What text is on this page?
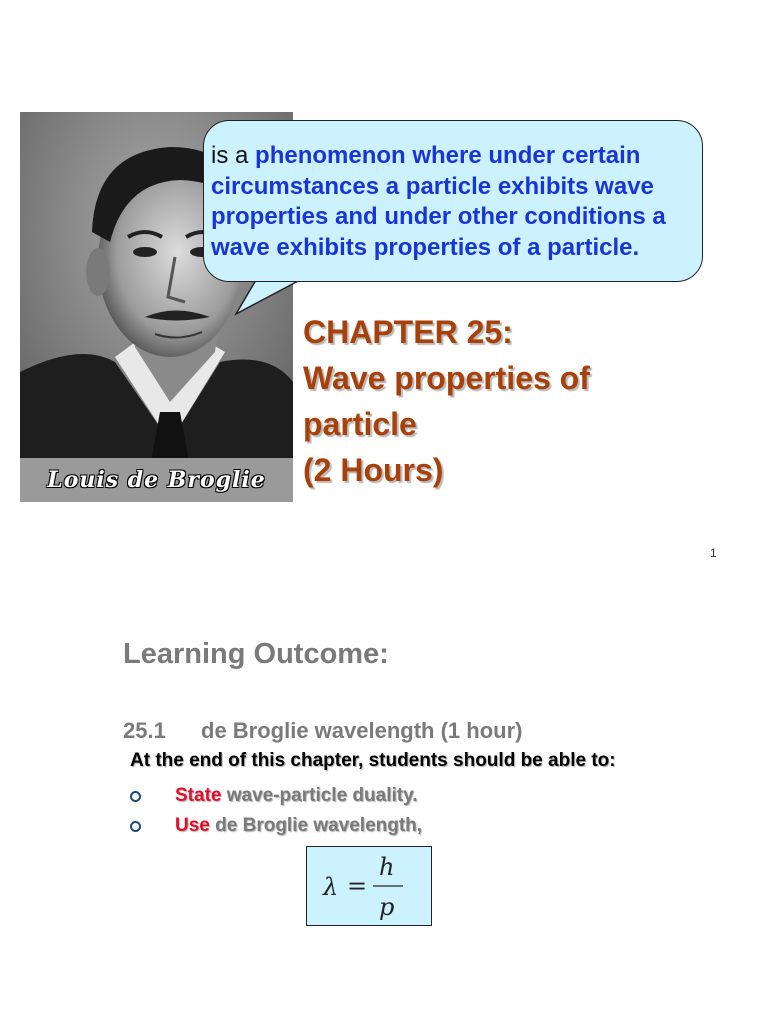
Louis de Broglie
is a phenomenon where under certain
circumstances a particle exhibits wave
properties and under other conditions a
wave exhibits properties of a particle.
CHAPTER 25:
Wave properties of
particle
(2 Hours)
1
Learning Outcome:
25.1 de Broglie wavelength (1 hour)
At the end of this chapter, students should be able to:
State wave-particle duality.
Use de Broglie wavelength,
λ =
h
p
